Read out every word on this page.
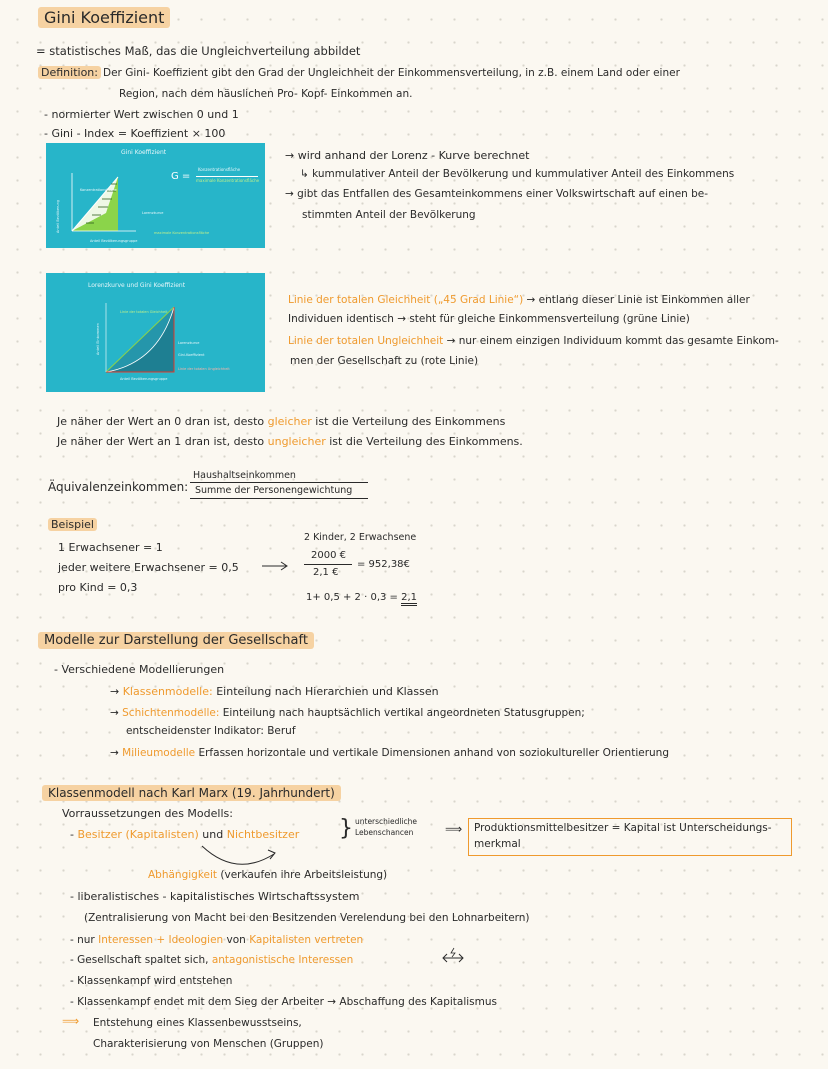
Gini Koeffizient
= statistisches Maß, das die Ungleichverteilung abbildet
Definition: Der Gini- Koeffizient gibt den Grad der Ungleichheit der Einkommensverteilung, in z.B. einem Land oder einer
Region, nach dem häuslichen Pro- Kopf- Einkommen an.
- normierter Wert zwischen 0 und 1
- Gini - Index = Koeffizient × 100
Gini Koeffizient
G =
Konzentrationsfläche
maximale Konzentrationsfläche
Konzentrationsfläche
Lorenzkurve
maximale Konzentrationsfläche
Anteil Bevölkerungsgruppe
Anteil Bevölkerung
Lorenzkurve und Gini Koeffizient
Linie der totalen Gleichheit
Lorenzkurve
Gini-Koeffizient
Linie der totalen Ungleichheit
Anteil Bevölkerungsgruppe
Anteil Einkommen
→ wird anhand der Lorenz - Kurve berechnet
↳ kummulativer Anteil der Bevölkerung und kummulativer Anteil des Einkommens
→ gibt das Entfallen des Gesamteinkommens einer Volkswirtschaft auf einen be-
stimmten Anteil der Bevölkerung
Linie der totalen Gleichheit („45 Grad Linie“) → entlang dieser Linie ist Einkommen aller
Individuen identisch → steht für gleiche Einkommensverteilung (grüne Linie)
Linie der totalen Ungleichheit → nur einem einzigen Individuum kommt das gesamte Einkom-
men der Gesellschaft zu (rote Linie)
Je näher der Wert an 0 dran ist, desto gleicher ist die Verteilung des Einkommens
Je näher der Wert an 1 dran ist, desto ungleicher ist die Verteilung des Einkommens.
Äquivalenzeinkommen:
Haushaltseinkommen
Summe der Personengewichtung
Beispiel
1 Erwachsener = 1
jeder weitere Erwachsener = 0,5
pro Kind = 0,3
2 Kinder, 2 Erwachsene
2000 €
2,1 €
= 952,38€
1+ 0,5 + 2 · 0,3 = 2,1
Modelle zur Darstellung der Gesellschaft
- Verschiedene Modellierungen
→ Klassenmodelle: Einteilung nach Hierarchien und Klassen
→ Schichtenmodelle: Einteilung nach hauptsächlich vertikal angeordneten Statusgruppen;
entscheidenster Indikator: Beruf
→ Milieumodelle Erfassen horizontale und vertikale Dimensionen anhand von soziokultureller Orientierung
Klassenmodell nach Karl Marx (19. Jahrhundert)
Vorraussetzungen des Modells:
- Besitzer (Kapitalisten) und Nichtbesitzer } unterschiedliche
Lebenschancen	⟹ Produktionsmittelbesitzer = Kapital ist Unterscheidungs-
merkmal
Abhängigkeit (verkaufen ihre Arbeitsleistung)
- liberalistisches - kapitalistisches Wirtschaftssystem
(Zentralisierung von Macht bei den Besitzenden Verelendung bei den Lohnarbeitern)
- nur Interessen + Ideologien von Kapitalisten vertreten
- Gesellschaft spaltet sich, antagonistische Interessen
- Klassenkampf wird entstehen
- Klassenkampf endet mit dem Sieg der Arbeiter → Abschaffung des Kapitalismus
⟹ Entstehung eines Klassenbewusstseins,
Charakterisierung von Menschen (Gruppen)
